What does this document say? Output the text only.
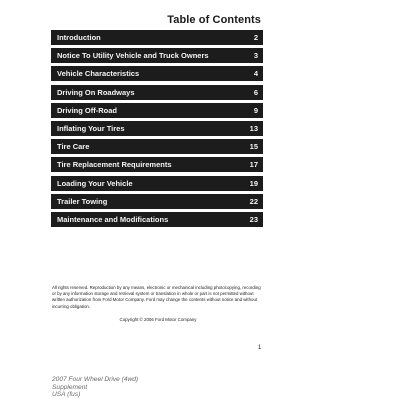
Table of Contents
Introduction	2
Notice To Utility Vehicle and Truck Owners	3
Vehicle Characteristics	4
Driving On Roadways	6
Driving Off-Road	9
Inflating Your Tires	13
Tire Care	15
Tire Replacement Requirements	17
Loading Your Vehicle	19
Trailer Towing	22
Maintenance and Modifications	23

All rights reserved. Reproduction by any means, electronic or mechanical including photocopying, recording or by any information storage and retrieval system or translation in whole or part is not permitted without written authorization from Ford Motor Company. Ford may change the contents without notice and without incurring obligation.

Copyright © 2006 Ford Motor Company

1
2007 Four Wheel Drive (4wd)
Supplement
USA (fus)
